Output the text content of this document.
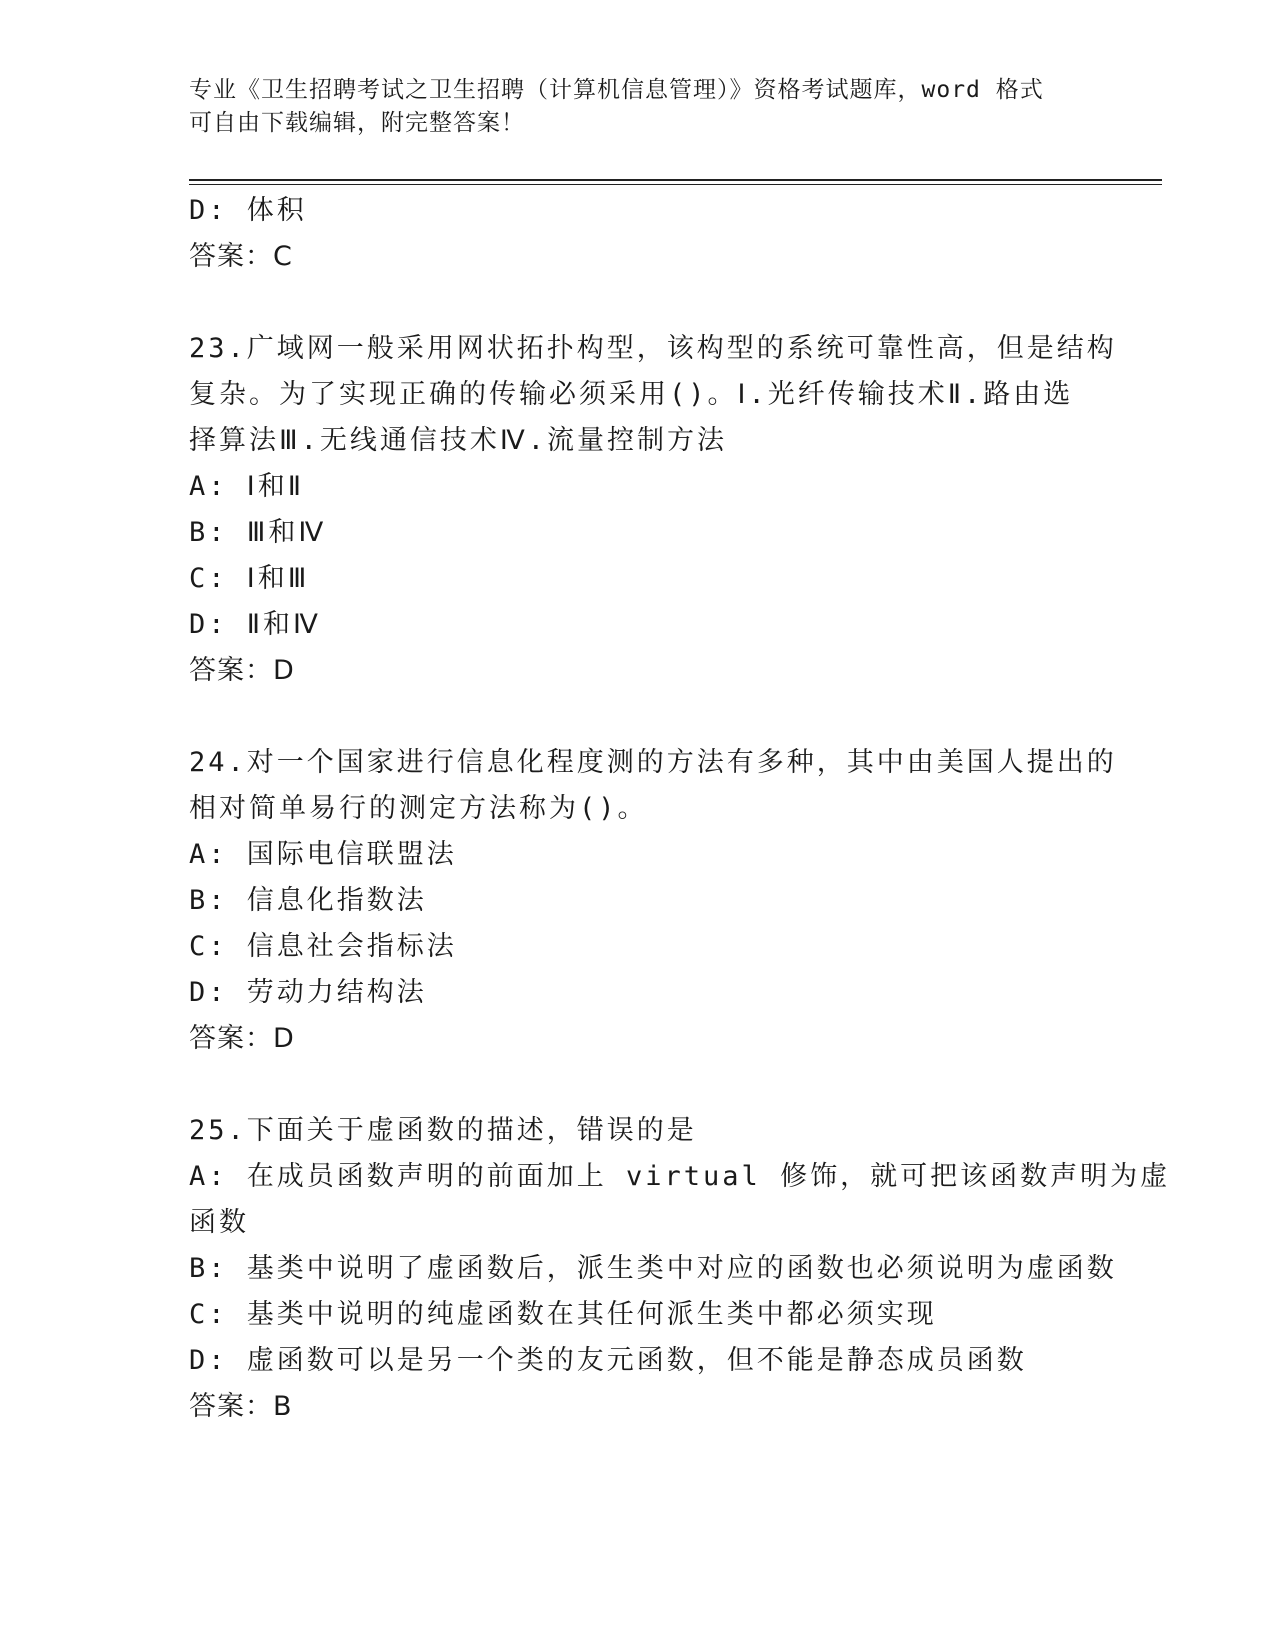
专业《卫生招聘考试之卫生招聘（计算机信息管理）》资格考试题库，word 格式
可自由下载编辑，附完整答案！
D: 体积
答案：C
23.广域网一般采用网状拓扑构型，该构型的系统可靠性高，但是结构
复杂。为了实现正确的传输必须采用()。Ⅰ.光纤传输技术Ⅱ.路由选
择算法Ⅲ.无线通信技术Ⅳ.流量控制方法
A: Ⅰ和Ⅱ
B: Ⅲ和Ⅳ
C: Ⅰ和Ⅲ
D: Ⅱ和Ⅳ
答案：D
24.对一个国家进行信息化程度测的方法有多种，其中由美国人提出的
相对简单易行的测定方法称为()。
A: 国际电信联盟法
B: 信息化指数法
C: 信息社会指标法
D: 劳动力结构法
答案：D
25.下面关于虚函数的描述，错误的是
A: 在成员函数声明的前面加上 virtual 修饰，就可把该函数声明为虚
函数
B: 基类中说明了虚函数后，派生类中对应的函数也必须说明为虚函数
C: 基类中说明的纯虚函数在其任何派生类中都必须实现
D: 虚函数可以是另一个类的友元函数，但不能是静态成员函数
答案：B
